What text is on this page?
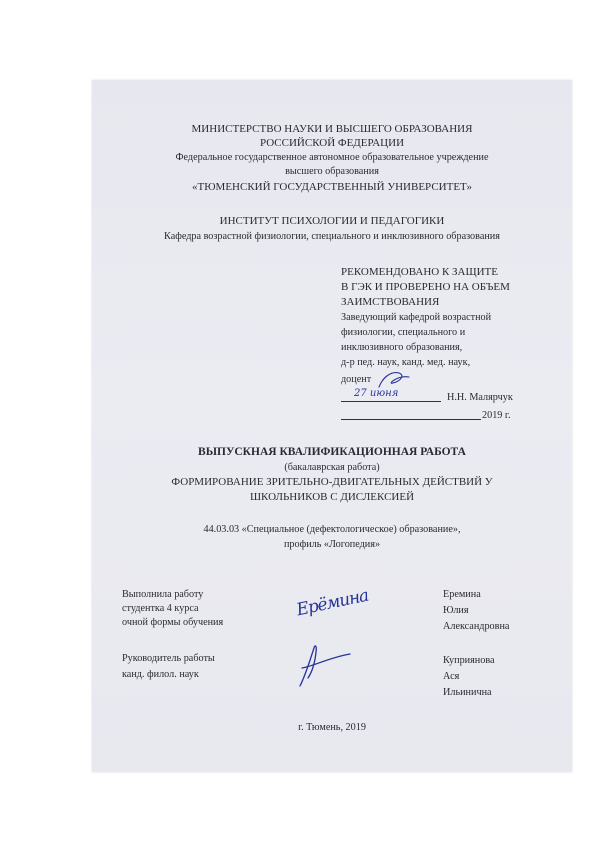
МИНИСТЕРСТВО НАУКИ И ВЫСШЕГО ОБРАЗОВАНИЯ
РОССИЙСКОЙ ФЕДЕРАЦИИ
Федеральное государственное автономное образовательное учреждение
высшего образования
«ТЮМЕНСКИЙ ГОСУДАРСТВЕННЫЙ УНИВЕРСИТЕТ»
ИНСТИТУТ ПСИХОЛОГИИ И ПЕДАГОГИКИ
Кафедра возрастной физиологии, специального и инклюзивного образования
РЕКОМЕНДОВАНО К ЗАЩИТЕ
В ГЭК И ПРОВЕРЕНО НА ОБЪЕМ
ЗАИМСТВОВАНИЯ
Заведующий кафедрой возрастной
физиологии, специального и
инклюзивного образования,
д-р пед. наук, канд. мед. наук,
доцент
27 июня	Н.Н. Малярчук
2019 г.
ВЫПУСКНАЯ КВАЛИФИКАЦИОННАЯ РАБОТА
(бакалаврская работа)
ФОРМИРОВАНИЕ ЗРИТЕЛЬНО-ДВИГАТЕЛЬНЫХ ДЕЙСТВИЙ У
ШКОЛЬНИКОВ С ДИСЛЕКСИЕЙ
44.03.03 «Специальное (дефектологическое) образование»,
профиль «Логопедия»
Выполнила работу
студентка 4 курса
очной формы обучения
Ерёмина	Еремина
Юлия
Александровна
Руководитель работы
канд. филол. наук
Куприянова
Ася
Ильинична
г. Тюмень, 2019
